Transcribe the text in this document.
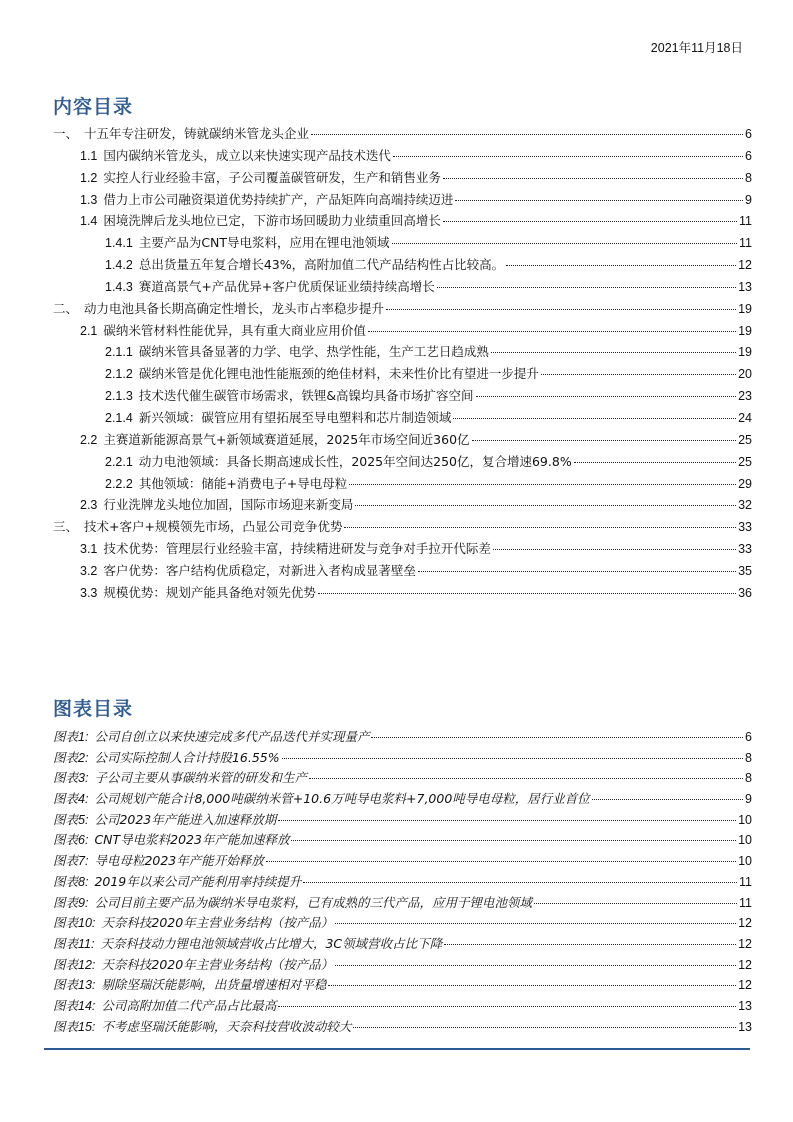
2021年11月18日
内容目录
一、 十五年专注研发，铸就碳纳米管龙头企业	6
1.1 国内碳纳米管龙头，成立以来快速实现产品技术迭代	6
1.2 实控人行业经验丰富，子公司覆盖碳管研发，生产和销售业务	8
1.3 借力上市公司融资渠道优势持续扩产，产品矩阵向高端持续迈进	9
1.4 困境洗牌后龙头地位已定，下游市场回暖助力业绩重回高增长	11
1.4.1 主要产品为CNT导电浆料，应用在锂电池领域	11
1.4.2 总出货量五年复合增长43%，高附加值二代产品结构性占比较高。	12
1.4.3 赛道高景气+产品优异+客户优质保证业绩持续高增长	13
二、 动力电池具备长期高确定性增长，龙头市占率稳步提升	19
2.1 碳纳米管材料性能优异，具有重大商业应用价值	19
2.1.1 碳纳米管具备显著的力学、电学、热学性能，生产工艺日趋成熟	19
2.1.2 碳纳米管是优化锂电池性能瓶颈的绝佳材料，未来性价比有望进一步提升	20
2.1.3 技术迭代催生碳管市场需求，铁锂&高镍均具备市场扩容空间	23
2.1.4 新兴领域：碳管应用有望拓展至导电塑料和芯片制造领域	24
2.2 主赛道新能源高景气+新领域赛道延展，2025年市场空间近360亿	25
2.2.1 动力电池领域：具备长期高速成长性，2025年空间达250亿，复合增速69.8%	25
2.2.2 其他领域：储能+消费电子+导电母粒	29
2.3 行业洗牌龙头地位加固，国际市场迎来新变局	32
三、 技术+客户+规模领先市场，凸显公司竞争优势	33
3.1 技术优势：管理层行业经验丰富，持续精进研发与竞争对手拉开代际差	33
3.2 客户优势：客户结构优质稳定，对新进入者构成显著壁垒	35
3.3 规模优势：规划产能具备绝对领先优势	36
图表目录
图表1: 公司自创立以来快速完成多代产品迭代并实现量产	6
图表2: 公司实际控制人合计持股16.55%	8
图表3: 子公司主要从事碳纳米管的研发和生产	8
图表4: 公司规划产能合计8,000吨碳纳米管+10.6万吨导电浆料+7,000吨导电母粒，居行业首位	9
图表5: 公司2023年产能进入加速释放期	10
图表6: CNT导电浆料2023年产能加速释放	10
图表7: 导电母粒2023年产能开始释放	10
图表8: 2019年以来公司产能利用率持续提升	11
图表9: 公司目前主要产品为碳纳米导电浆料，已有成熟的三代产品，应用于锂电池领域	11
图表10: 天奈科技2020年主营业务结构（按产品）	12
图表11: 天奈科技动力锂电池领域营收占比增大，3C领域营收占比下降	12
图表12: 天奈科技2020年主营业务结构（按产品）	12
图表13: 剔除坚瑞沃能影响，出货量增速相对平稳	12
图表14: 公司高附加值二代产品占比最高	13
图表15: 不考虑坚瑞沃能影响，天奈科技营收波动较大	13
